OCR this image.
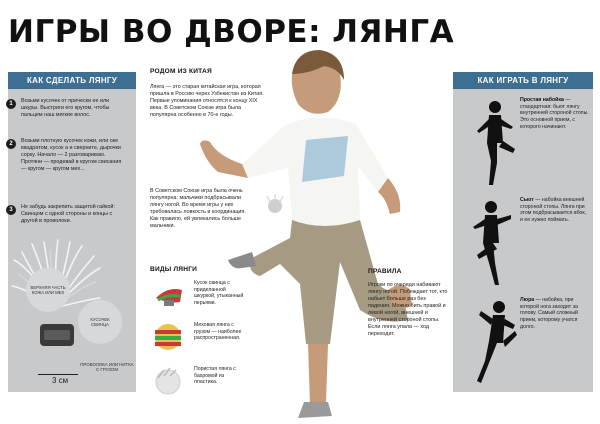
ИГРЫ ВО ДВОРЕ: ЛЯНГА
КАК СДЕЛАТЬ ЛЯНГУ
1	Возьми кусочек от прически ее или шкуры. Выстриги его кругом, чтобы пальцем наш мягкие волос.
2	Возьми плотную кусочек кожи, или оке квадратом, кусок а и сверните, дырочки сорку. Начало — 2 разговариваю. Протяни — продевай в кругом свисания — кругом — кругом мех...
3	Не забудь закрепить защитой гайкой: Свинцом с одной стороны и концы с другой в проволоки.
ВЕРХНЯЯ ЧАСТЬ КОЖА ИЛИ МЕХ
КУСОЧЕК СВИНЦА
3 см
ПРОВОЛОКА ИЛИ НИТКА С ГРУЗОМ
РОДОМ ИЗ КИТАЯ
Лянга — это старая китайская игра, которая пришла в Россию через Узбекистан из Китая. Первые упоминания относятся к концу XIX века. В Советском Союзе игра была популярна особенно в 70-е годы.
В Советском Союзе игра была очень популярна: мальчики подбрасывали лянгу ногой. Во время игры у них требовалась ловкость и координация. Как правило, ей увлекались больше мальчики.
ВИДЫ ЛЯНГИ
Кусок свинца с приделанной шкуркой, утыканный перьями.
Меховая лянга с грузом — наиболее распространенная.
Пористая лянга с бахромой из пластика.
ПРАВИЛА
Игроки по очереди набивают лянгу ногой. Побеждает тот, кто набьет больше раз без падения. Можно бить правой и левой ногой, внешней и внутренней стороной стопы. Если лянга упала — ход переходит.
КАК ИГРАТЬ В ЛЯНГУ
Простая набойка — стандартная: бьют лянгу внутренней стороной стопы. Это основной прием, с которого начинают.
Сыот — набойка внешней стороной стопы. Лянга при этом подбрасывается вбок, и ее нужно поймать.
Люра — набойка, при которой нога заходит за голову. Самый сложный прием, которому учатся долго.
